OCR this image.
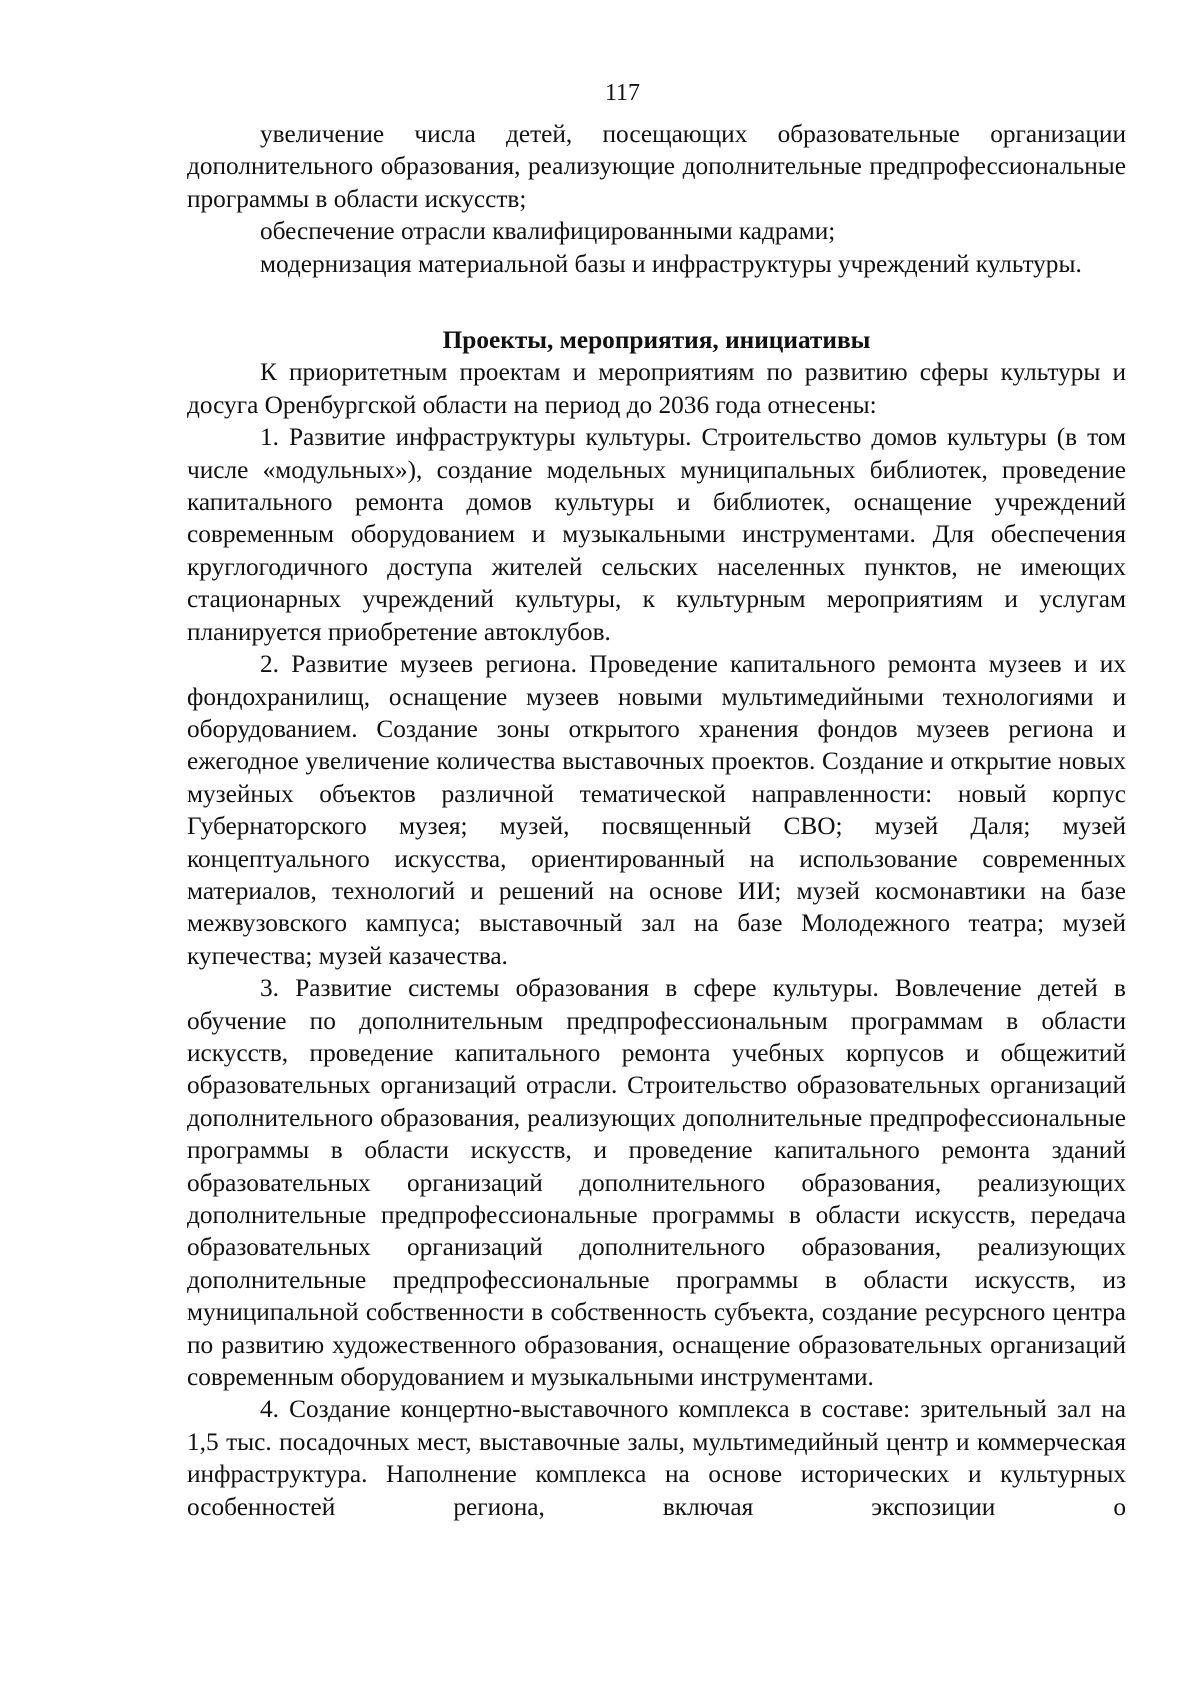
117

увеличение числа детей, посещающих образовательные организации дополнительного образования, реализующие дополнительные предпрофессиональные программы в области искусств;

обеспечение отрасли квалифицированными кадрами;

модернизация материальной базы и инфраструктуры учреждений культуры.

Проекты, мероприятия, инициативы

К приоритетным проектам и мероприятиям по развитию сферы культуры и досуга Оренбургской области на период до 2036 года отнесены:

1. Развитие инфраструктуры культуры. Строительство домов культуры (в том числе «модульных»), создание модельных муниципальных библиотек, проведение капитального ремонта домов культуры и библиотек, оснащение учреждений современным оборудованием и музыкальными инструментами. Для обеспечения круглогодичного доступа жителей сельских населенных пунктов, не имеющих стационарных учреждений культуры, к культурным мероприятиям и услугам планируется приобретение автоклубов.

2. Развитие музеев региона. Проведение капитального ремонта музеев и их фондохранилищ, оснащение музеев новыми мультимедийными технологиями и оборудованием. Создание зоны открытого хранения фондов музеев региона и ежегодное увеличение количества выставочных проектов. Создание и открытие новых музейных объектов различной тематической направленности: новый корпус Губернаторского музея; музей, посвященный СВО; музей Даля; музей концептуального искусства, ориентированный на использование современных материалов, технологий и решений на основе ИИ; музей космонавтики на базе межвузовского кампуса; выставочный зал на базе Молодежного театра; музей купечества; музей казачества.

3. Развитие системы образования в сфере культуры. Вовлечение детей в обучение по дополнительным предпрофессиональным программам в области искусств, проведение капитального ремонта учебных корпусов и общежитий образовательных организаций отрасли. Строительство образовательных организаций дополнительного образования, реализующих дополнительные предпрофессиональные программы в области искусств, и проведение капитального ремонта зданий образовательных организаций дополнительного образования, реализующих дополнительные предпрофессиональные программы в области искусств, передача образовательных организаций дополнительного образования, реализующих дополнительные предпрофессиональные программы в области искусств, из муниципальной собственности в собственность субъекта, создание ресурсного центра по развитию художественного образования, оснащение образовательных организаций современным оборудованием и музыкальными инструментами.

4. Создание концертно-выставочного комплекса в составе: зрительный зал на 1,5 тыс. посадочных мест, выставочные залы, мультимедийный центр и коммерческая инфраструктура. Наполнение комплекса на основе исторических и культурных особенностей региона, включая экспозиции о
